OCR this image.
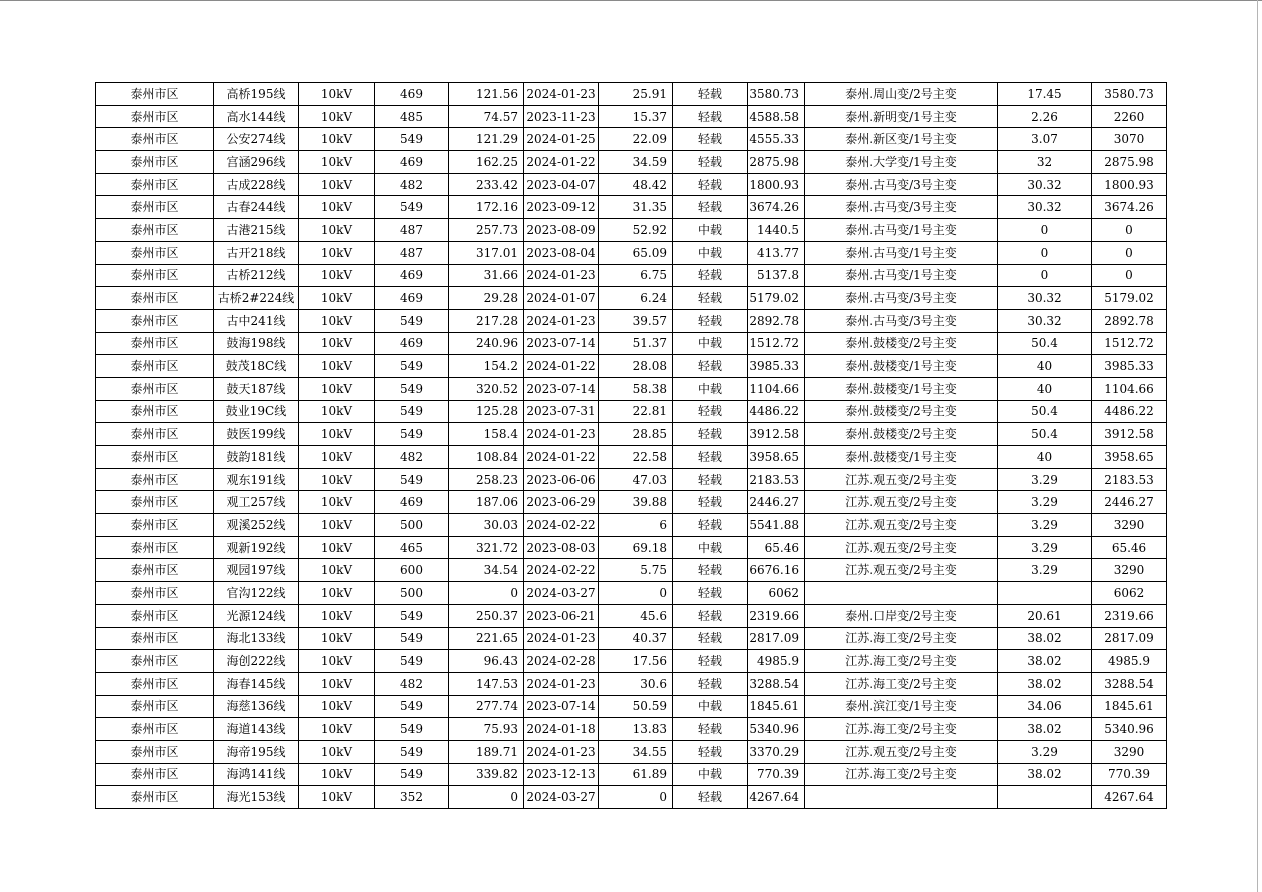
泰州市区	高桥195线	10kV	469	121.56	2024-01-23	25.91	轻载	3580.73	泰州.周山变/2号主变	17.45	3580.73
泰州市区	高水144线	10kV	485	74.57	2023-11-23	15.37	轻载	4588.58	泰州.新明变/1号主变	2.26	2260
泰州市区	公安274线	10kV	549	121.29	2024-01-25	22.09	轻载	4555.33	泰州.新区变/1号主变	3.07	3070
泰州市区	宫涵296线	10kV	469	162.25	2024-01-22	34.59	轻载	2875.98	泰州.大学变/1号主变	32	2875.98
泰州市区	古成228线	10kV	482	233.42	2023-04-07	48.42	轻载	1800.93	泰州.古马变/3号主变	30.32	1800.93
泰州市区	古春244线	10kV	549	172.16	2023-09-12	31.35	轻载	3674.26	泰州.古马变/3号主变	30.32	3674.26
泰州市区	古港215线	10kV	487	257.73	2023-08-09	52.92	中载	1440.5	泰州.古马变/1号主变	0	0
泰州市区	古开218线	10kV	487	317.01	2023-08-04	65.09	中载	413.77	泰州.古马变/1号主变	0	0
泰州市区	古桥212线	10kV	469	31.66	2024-01-23	6.75	轻载	5137.8	泰州.古马变/1号主变	0	0
泰州市区	古桥2#224线	10kV	469	29.28	2024-01-07	6.24	轻载	5179.02	泰州.古马变/3号主变	30.32	5179.02
泰州市区	古中241线	10kV	549	217.28	2024-01-23	39.57	轻载	2892.78	泰州.古马变/3号主变	30.32	2892.78
泰州市区	鼓海198线	10kV	469	240.96	2023-07-14	51.37	中载	1512.72	泰州.鼓楼变/2号主变	50.4	1512.72
泰州市区	鼓茂18C线	10kV	549	154.2	2024-01-22	28.08	轻载	3985.33	泰州.鼓楼变/1号主变	40	3985.33
泰州市区	鼓天187线	10kV	549	320.52	2023-07-14	58.38	中载	1104.66	泰州.鼓楼变/1号主变	40	1104.66
泰州市区	鼓业19C线	10kV	549	125.28	2023-07-31	22.81	轻载	4486.22	泰州.鼓楼变/2号主变	50.4	4486.22
泰州市区	鼓医199线	10kV	549	158.4	2024-01-23	28.85	轻载	3912.58	泰州.鼓楼变/2号主变	50.4	3912.58
泰州市区	鼓韵181线	10kV	482	108.84	2024-01-22	22.58	轻载	3958.65	泰州.鼓楼变/1号主变	40	3958.65
泰州市区	观东191线	10kV	549	258.23	2023-06-06	47.03	轻载	2183.53	江苏.观五变/2号主变	3.29	2183.53
泰州市区	观工257线	10kV	469	187.06	2023-06-29	39.88	轻载	2446.27	江苏.观五变/2号主变	3.29	2446.27
泰州市区	观溪252线	10kV	500	30.03	2024-02-22	6	轻载	5541.88	江苏.观五变/2号主变	3.29	3290
泰州市区	观新192线	10kV	465	321.72	2023-08-03	69.18	中载	65.46	江苏.观五变/2号主变	3.29	65.46
泰州市区	观园197线	10kV	600	34.54	2024-02-22	5.75	轻载	6676.16	江苏.观五变/2号主变	3.29	3290
泰州市区	官沟122线	10kV	500	0	2024-03-27	0	轻载	6062			6062
泰州市区	光源124线	10kV	549	250.37	2023-06-21	45.6	轻载	2319.66	泰州.口岸变/2号主变	20.61	2319.66
泰州市区	海北133线	10kV	549	221.65	2024-01-23	40.37	轻载	2817.09	江苏.海工变/2号主变	38.02	2817.09
泰州市区	海创222线	10kV	549	96.43	2024-02-28	17.56	轻载	4985.9	江苏.海工变/2号主变	38.02	4985.9
泰州市区	海春145线	10kV	482	147.53	2024-01-23	30.6	轻载	3288.54	江苏.海工变/2号主变	38.02	3288.54
泰州市区	海慈136线	10kV	549	277.74	2023-07-14	50.59	中载	1845.61	泰州.滨江变/1号主变	34.06	1845.61
泰州市区	海道143线	10kV	549	75.93	2024-01-18	13.83	轻载	5340.96	江苏.海工变/2号主变	38.02	5340.96
泰州市区	海帝195线	10kV	549	189.71	2024-01-23	34.55	轻载	3370.29	江苏.观五变/2号主变	3.29	3290
泰州市区	海鸿141线	10kV	549	339.82	2023-12-13	61.89	中载	770.39	江苏.海工变/2号主变	38.02	770.39
泰州市区	海光153线	10kV	352	0	2024-03-27	0	轻载	4267.64			4267.64
